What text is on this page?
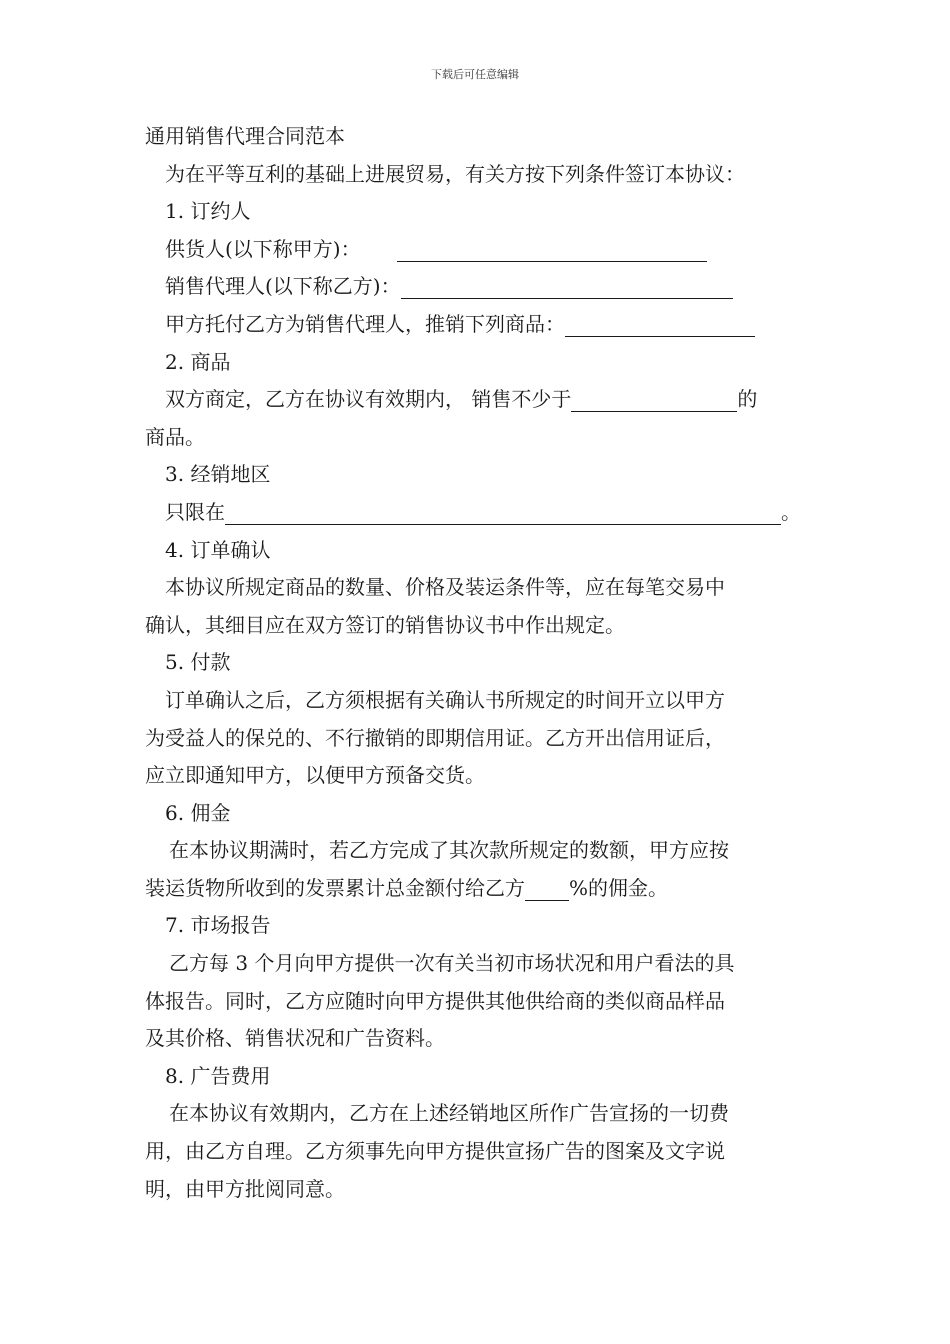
下载后可任意编辑
通用销售代理合同范本
为在平等互利的基础上进展贸易，有关方按下列条件签订本协议：
1. 订约人
供货人(以下称甲方)：
销售代理人(以下称乙方)：
甲方托付乙方为销售代理人，推销下列商品：
2. 商品
双方商定，乙方在协议有效期内， 销售不少于	的
商品。
3. 经销地区
只限在	。
4. 订单确认
本协议所规定商品的数量、价格及装运条件等，应在每笔交易中
确认，其细目应在双方签订的销售协议书中作出规定。
5. 付款
订单确认之后，乙方须根据有关确认书所规定的时间开立以甲方
为受益人的保兑的、不行撤销的即期信用证。乙方开出信用证后，
应立即通知甲方，以便甲方预备交货。
6. 佣金
在本协议期满时，若乙方完成了其次款所规定的数额，甲方应按
装运货物所收到的发票累计总金额付给乙方 %的佣金。
7. 市场报告
乙方每 3 个月向甲方提供一次有关当初市场状况和用户看法的具
体报告。同时，乙方应随时向甲方提供其他供给商的类似商品样品
及其价格、销售状况和广告资料。
8. 广告费用
在本协议有效期内，乙方在上述经销地区所作广告宣扬的一切费
用，由乙方自理。乙方须事先向甲方提供宣扬广告的图案及文字说
明，由甲方批阅同意。
